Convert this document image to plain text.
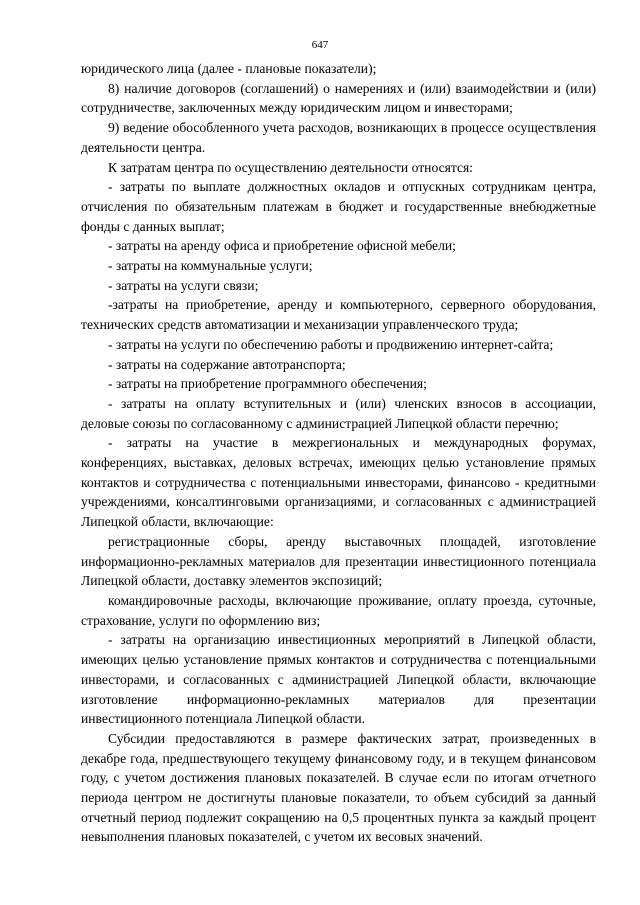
647

юридического лица (далее - плановые показатели);

8) наличие договоров (соглашений) о намерениях и (или) взаимодействии и (или) сотрудничестве, заключенных между юридическим лицом и инвесторами;

9) ведение обособленного учета расходов, возникающих в процессе осуществления деятельности центра.

К затратам центра по осуществлению деятельности относятся:

- затраты по выплате должностных окладов и отпускных сотрудникам центра, отчисления по обязательным платежам в бюджет и государственные внебюджетные фонды с данных выплат;

- затраты на аренду офиса и приобретение офисной мебели;

- затраты на коммунальные услуги;

- затраты на услуги связи;

-затраты на приобретение, аренду и компьютерного, серверного оборудования, технических средств автоматизации и механизации управленческого труда;

- затраты на услуги по обеспечению работы и продвижению интернет-сайта;

- затраты на содержание автотранспорта;

- затраты на приобретение программного обеспечения;

- затраты на оплату вступительных и (или) членских взносов в ассоциации, деловые союзы по согласованному с администрацией Липецкой области перечню;

- затраты на участие в межрегиональных и международных форумах, конференциях, выставках, деловых встречах, имеющих целью установление прямых контактов и сотрудничества с потенциальными инвесторами, финансово - кредитными учреждениями, консалтинговыми организациями, и согласованных с администрацией Липецкой области, включающие:

регистрационные сборы, аренду выставочных площадей, изготовление информационно-рекламных материалов для презентации инвестиционного потенциала Липецкой области, доставку элементов экспозиций;

командировочные расходы, включающие проживание, оплату проезда, суточные, страхование, услуги по оформлению виз;

- затраты на организацию инвестиционных мероприятий в Липецкой области, имеющих целью установление прямых контактов и сотрудничества с потенциальными инвесторами, и согласованных с администрацией Липецкой области, включающие изготовление информационно-рекламных материалов для презентации инвестиционного потенциала Липецкой области.

Субсидии предоставляются в размере фактических затрат, произведенных в декабре года, предшествующего текущему финансовому году, и в текущем финансовом году, с учетом достижения плановых показателей. В случае если по итогам отчетного периода центром не достигнуты плановые показатели, то объем субсидий за данный отчетный период подлежит сокращению на 0,5 процентных пункта за каждый процент невыполнения плановых показателей, с учетом их весовых значений.
